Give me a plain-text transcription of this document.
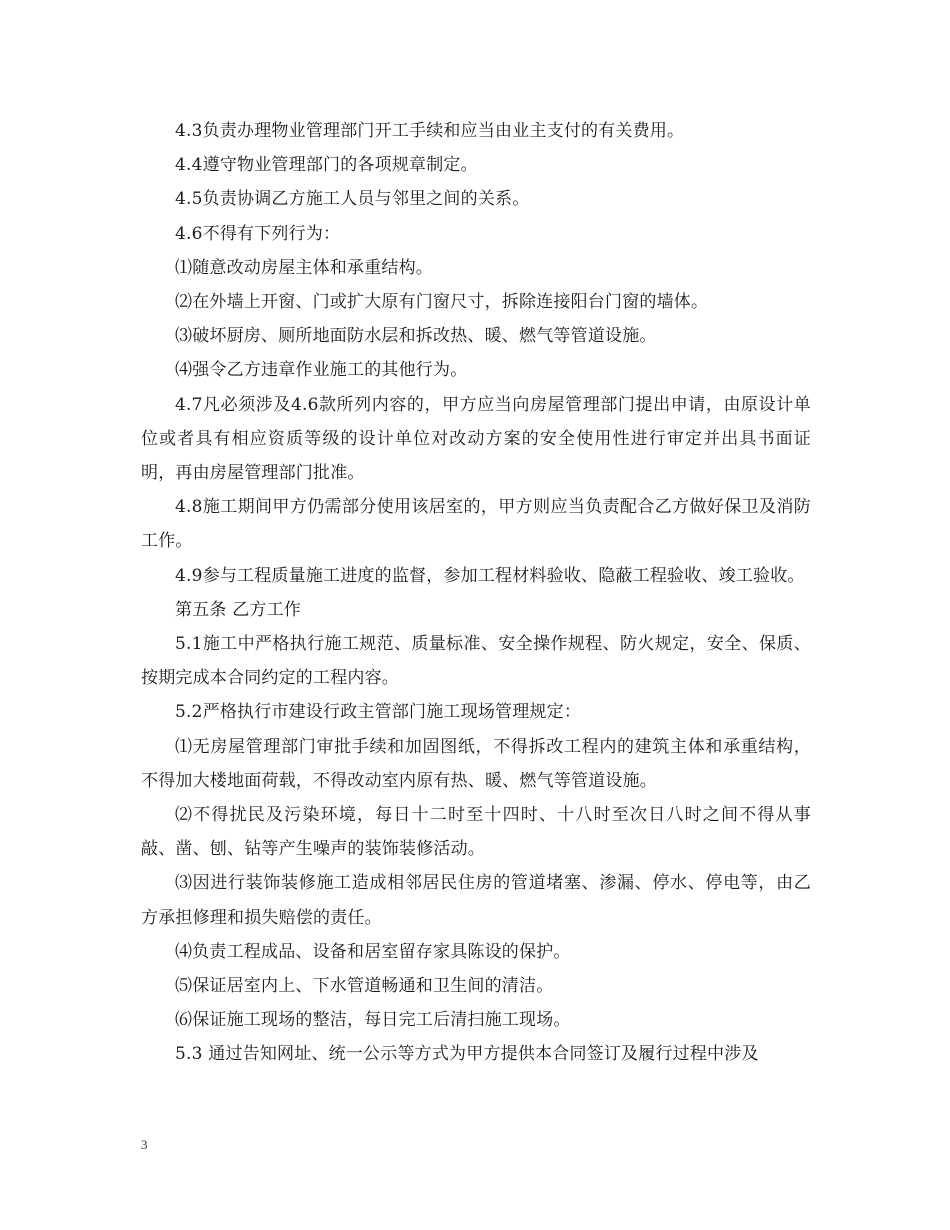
4.3负责办理物业管理部门开工手续和应当由业主支付的有关费用。

4.4遵守物业管理部门的各项规章制定。

4.5负责协调乙方施工人员与邻里之间的关系。

4.6不得有下列行为：

⑴随意改动房屋主体和承重结构。

⑵在外墙上开窗、门或扩大原有门窗尺寸，拆除连接阳台门窗的墙体。

⑶破坏厨房、厕所地面防水层和拆改热、暖、燃气等管道设施。

⑷强令乙方违章作业施工的其他行为。

4.7凡必须涉及4.6款所列内容的，甲方应当向房屋管理部门提出申请，由原设计单位或者具有相应资质等级的设计单位对改动方案的安全使用性进行审定并出具书面证明，再由房屋管理部门批准。

4.8施工期间甲方仍需部分使用该居室的，甲方则应当负责配合乙方做好保卫及消防工作。

4.9参与工程质量施工进度的监督，参加工程材料验收、隐蔽工程验收、竣工验收。

第五条 乙方工作

5.1施工中严格执行施工规范、质量标准、安全操作规程、防火规定，安全、保质、按期完成本合同约定的工程内容。

5.2严格执行市建设行政主管部门施工现场管理规定：

⑴无房屋管理部门审批手续和加固图纸，不得拆改工程内的建筑主体和承重结构，不得加大楼地面荷载，不得改动室内原有热、暖、燃气等管道设施。

⑵不得扰民及污染环境，每日十二时至十四时、十八时至次日八时之间不得从事敲、凿、刨、钻等产生噪声的装饰装修活动。

⑶因进行装饰装修施工造成相邻居民住房的管道堵塞、渗漏、停水、停电等，由乙方承担修理和损失赔偿的责任。

⑷负责工程成品、设备和居室留存家具陈设的保护。

⑸保证居室内上、下水管道畅通和卫生间的清洁。

⑹保证施工现场的整洁，每日完工后清扫施工现场。

5.3 通过告知网址、统一公示等方式为甲方提供本合同签订及履行过程中涉及

3
